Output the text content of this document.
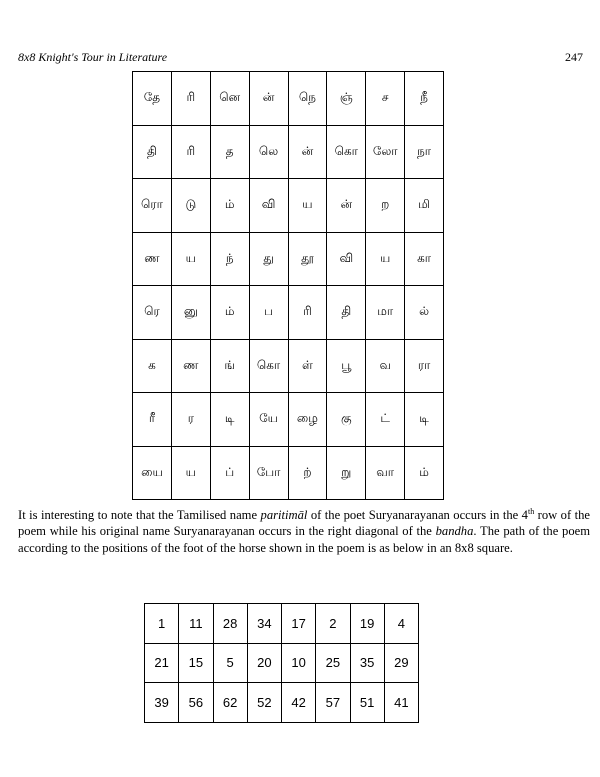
8x8 Knight's Tour in Literature	247
தே	ரி	னெ	ன்	நெ	ஞ்	ச	நீ
தி	ரி	த	லெ	ன்	கொ	லோ	நா
ரொ	டு	ம்	வி	ய	ன்	ற	மி
ண	ய	ந்	து	தூ	வி	ய	கா
ரெ	னு	ம்	ப	ரி	தி	மா	ல்
க	ண	ங்	கொ	ள்	பூ	வ	ரா
ரீ	ர	டி	யே	ழை	கு	ட்	டி
யை	ய	ப்	போ	ற்	று	வா	ம்

It is interesting to note that the Tamilised name paritimāl of the poet Suryanarayanan occurs in the 4th row of the poem while his original name Suryanarayanan occurs in the right diagonal of the bandha. The path of the poem according to the positions of the foot of the horse shown in the poem is as below in an 8x8 square.

1	11	28	34	17	2	19	4
21	15	5	20	10	25	35	29
39	56	62	52	42	57	51	41
